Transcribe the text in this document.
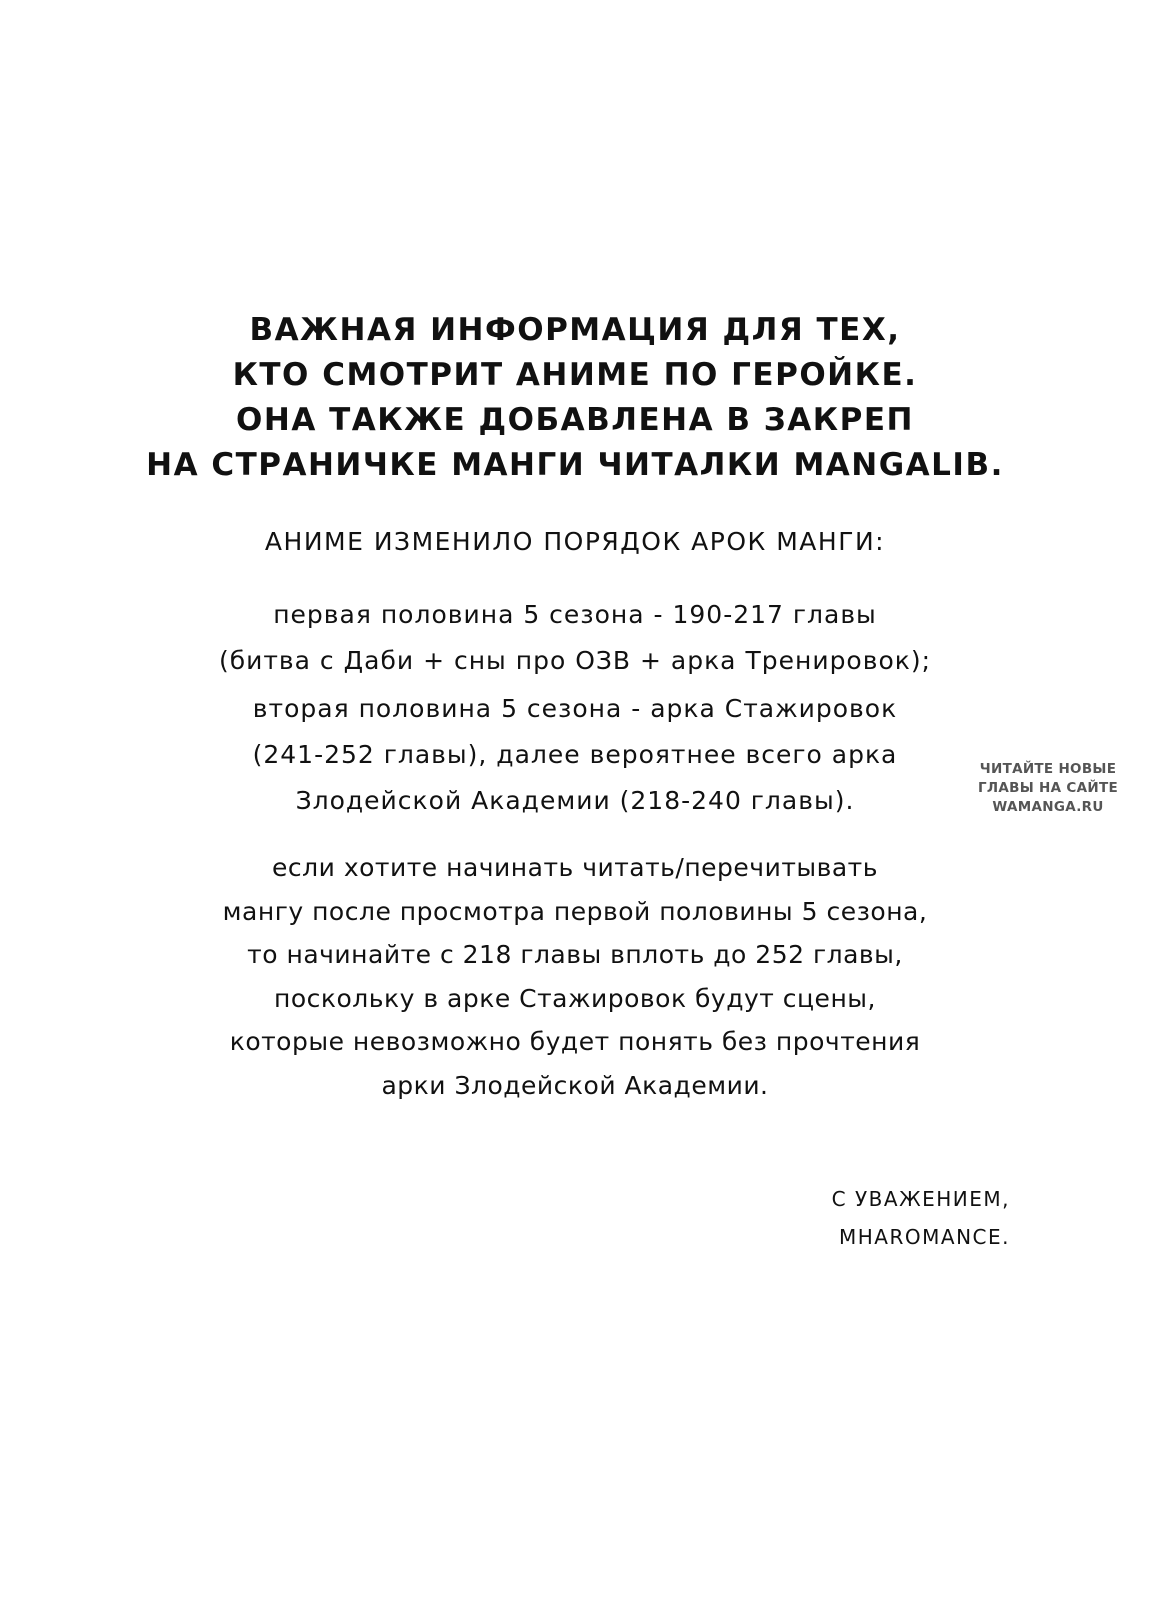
ВАЖНАЯ ИНФОРМАЦИЯ ДЛЯ ТЕХ,
КТО СМОТРИТ АНИМЕ ПО ГЕРОЙКЕ.
ОНА ТАКЖЕ ДОБАВЛЕНА В ЗАКРЕП
НА СТРАНИЧКЕ МАНГИ ЧИТАЛКИ MANGALIB.
АНИМЕ ИЗМЕНИЛО ПОРЯДОК АРОК МАНГИ:
первая половина 5 сезона - 190-217 главы
(битва с Даби + сны про ОЗВ + арка Тренировок);
вторая половина 5 сезона - арка Стажировок
(241-252 главы), далее вероятнее всего арка
Злодейской Академии (218-240 главы).
если хотите начинать читать/перечитывать
мангу после просмотра первой половины 5 сезона,
то начинайте с 218 главы вплоть до 252 главы,
поскольку в арке Стажировок будут сцены,
которые невозможно будет понять без прочтения
арки Злодейской Академии.
С УВАЖЕНИЕМ,
MHAROMANCE.
ЧИТАЙТЕ НОВЫЕ
ГЛАВЫ НА САЙТЕ
WAMANGA.RU
